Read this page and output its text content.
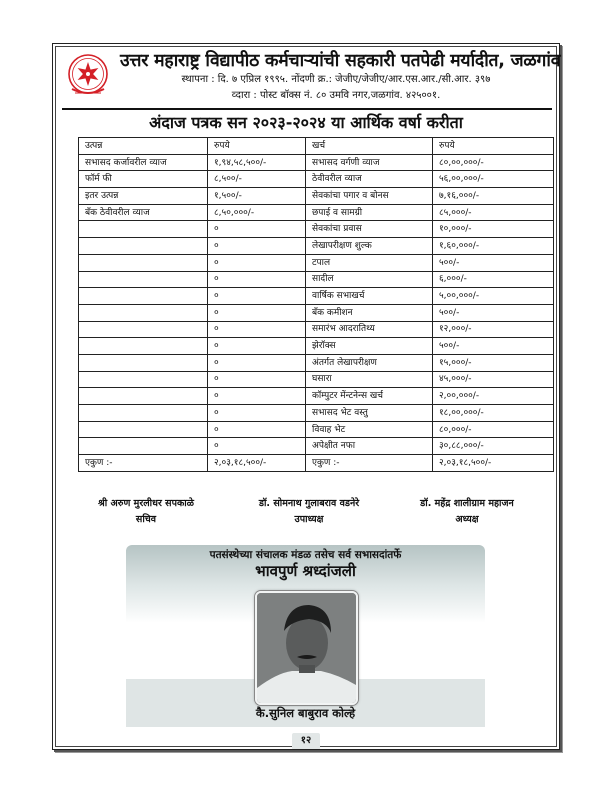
उत्तर महाराष्ट्र विद्यापीठ कर्मचाऱ्यांची सहकारी पतपेढी मर्यादीत, जळगांव
स्थापना : दि. ७ एप्रिल १९९५. नोंदणी क्र.: जेजीए/जेजीए/आर.एस.आर./सी.आर. ३९७
व्दारा : पोस्ट बॉक्स नं. ८० उमवि नगर,जळगांव. ४२५००१.
अंदाज पत्रक सन २०२३-२०२४ या आर्थिक वर्षा करीता
उत्पन्न	रुपये	खर्च	रुपये
सभासद कर्जावरील व्याज	१,९४,५८,५००/-	सभासद वर्गणी व्याज	८०,००,०००/-
फॉर्म फी	८,५००/-	ठेवीवरील व्याज	५६,००,०००/-
इतर उत्पन्न	१,५००/-	सेवकांचा पगार व बोनस	७,१६,०००/-
बँक ठेवीवरील व्याज	८,५०,०००/-	छपाई व सामग्री	८५,०००/-
	०	सेवकांचा प्रवास	१०,०००/-
	०	लेखापरीक्षण शुल्क	१,६०,०००/-
	०	टपाल	५००/-
	०	सादील	६,०००/-
	०	वार्षिक सभाखर्च	५,००,०००/-
	०	बँक कमीशन	५००/-
	०	समारंभ आदरातिथ्य	१२,०००/-
	०	झेरॉक्स	५००/-
	०	अंतर्गत लेखापरीक्षण	१५,०००/-
	०	घसारा	४५,०००/-
	०	कॉम्पुटर मेंन्टनेन्स खर्च	२,००,०००/-
	०	सभासद भेट वस्तु	१८,००,०००/-
	०	विवाह भेट	८०,०००/-
	०	अपेक्षीत नफा	३०,८८,०००/-
एकुण :-	२,०३,१८,५००/-	एकुण :-	२,०३,१८,५००/-
श्री अरुण मुरलीधर सपकाळे
सचिव
डॉ. सोमनाथ गुलाबराव वडनेरे
उपाध्यक्ष
डॉ. महेंद्र शालीग्राम महाजन
अध्यक्ष
पतसंस्थेच्या संचालक मंडळ तसेच सर्व सभासदांतर्फे
भावपुर्ण श्रध्दांजली
कै.सुनिल बाबुराव कोल्हे
१२
